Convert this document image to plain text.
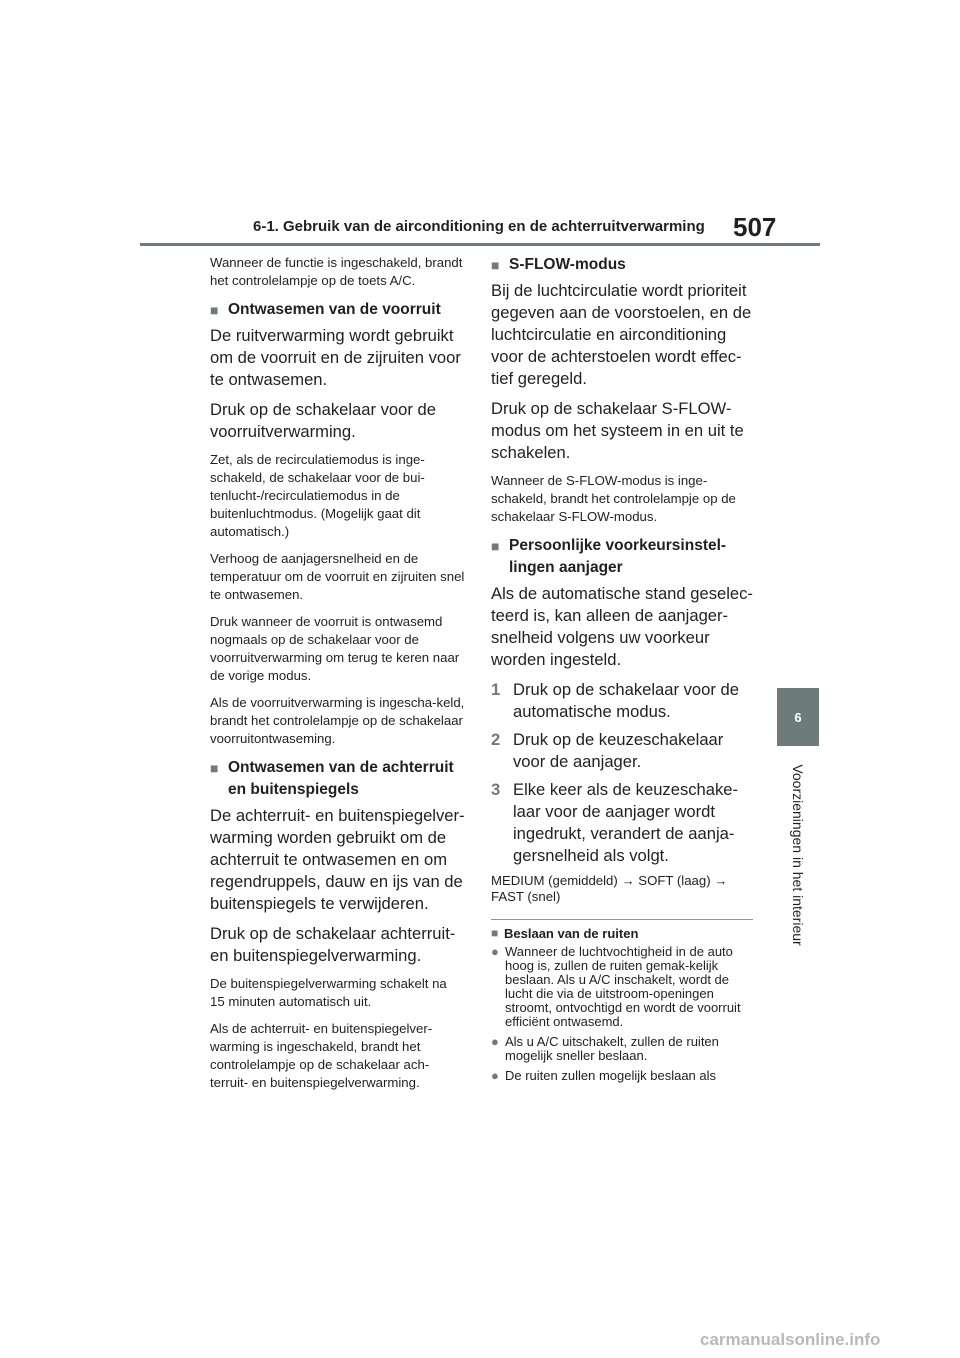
6-1. Gebruik van de airconditioning en de achterruitverwarming 507
6
Voorzieningen in het interieur

Wanneer de functie is ingeschakeld, brandt het controlelampje op de toets A/C.

■ Ontwasemen van de voorruit

De ruitverwarming wordt gebruikt om de voorruit en de zijruiten voor te ontwasemen.

Druk op de schakelaar voor de voorruitverwarming.

Zet, als de recirculatiemodus is inge-schakeld, de schakelaar voor de bui-tenlucht-/recirculatiemodus in de buitenluchtmodus. (Mogelijk gaat dit automatisch.)

Verhoog de aanjagersnelheid en de temperatuur om de voorruit en zijruiten snel te ontwasemen.

Druk wanneer de voorruit is ontwasemd nogmaals op de schakelaar voor de voorruitverwarming om terug te keren naar de vorige modus.

Als de voorruitverwarming is ingescha-keld, brandt het controlelampje op de schakelaar voorruitontwaseming.

■ Ontwasemen van de achterruit en buitenspiegels

De achterruit- en buitenspiegelver-warming worden gebruikt om de achterruit te ontwasemen en om regendruppels, dauw en ijs van de buitenspiegels te verwijderen.

Druk op de schakelaar achterruit- en buitenspiegelverwarming.

De buitenspiegelverwarming schakelt na 15 minuten automatisch uit.

Als de achterruit- en buitenspiegelver-warming is ingeschakeld, brandt het controlelampje op de schakelaar ach-terruit- en buitenspiegelverwarming.

■ S-FLOW-modus

Bij de luchtcirculatie wordt prioriteit gegeven aan de voorstoelen, en de luchtcirculatie en airconditioning voor de achterstoelen wordt effec-tief geregeld.

Druk op de schakelaar S-FLOW-modus om het systeem in en uit te schakelen.

Wanneer de S-FLOW-modus is inge-schakeld, brandt het controlelampje op de schakelaar S-FLOW-modus.

■ Persoonlijke voorkeursinstel-lingen aanjager

Als de automatische stand geselec-teerd is, kan alleen de aanjager-snelheid volgens uw voorkeur worden ingesteld.

1 Druk op de schakelaar voor de automatische modus.
2 Druk op de keuzeschakelaar voor de aanjager.
3 Elke keer als de keuzeschake-laar voor de aanjager wordt ingedrukt, verandert de aanja-gersnelheid als volgt.

MEDIUM (gemiddeld) → SOFT (laag) → FAST (snel)

■ Beslaan van de ruiten
● Wanneer de luchtvochtigheid in de auto hoog is, zullen de ruiten gemak-kelijk beslaan. Als u A/C inschakelt, wordt de lucht die via de uitstroom-openingen stroomt, ontvochtigd en wordt de voorruit efficiënt ontwasemd.
● Als u A/C uitschakelt, zullen de ruiten mogelijk sneller beslaan.
● De ruiten zullen mogelijk beslaan als
carmanualsonline.info
